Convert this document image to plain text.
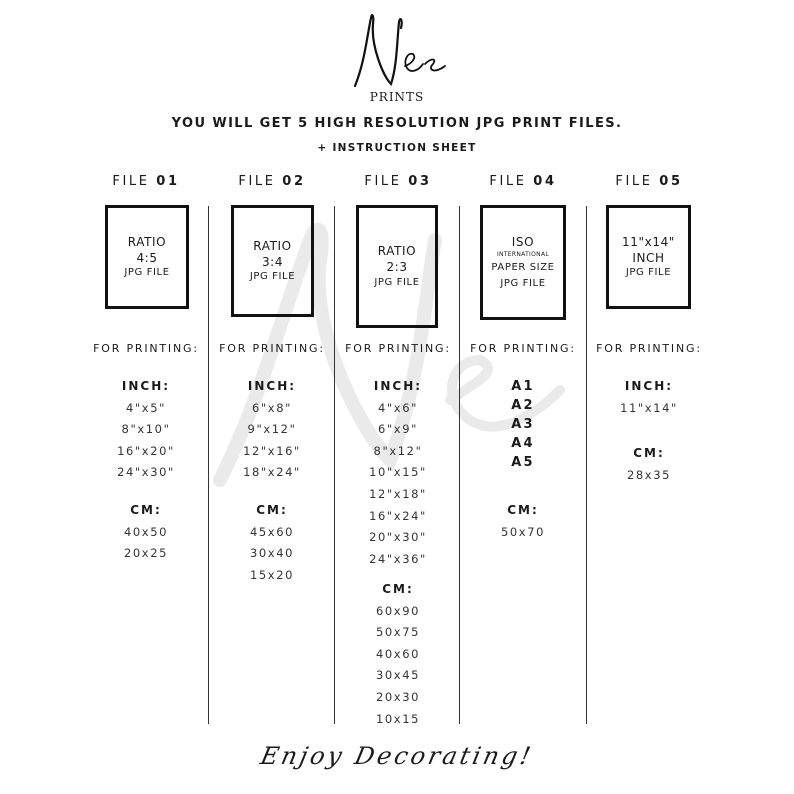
PRINTS
YOU WILL GET 5 HIGH RESOLUTION JPG PRINT FILES.
+ INSTRUCTION SHEET
FILE 01
RATIO
4:5
JPG FILE
FOR PRINTING:
INCH:
4"x5"
8"x10"
16"x20"
24"x30"
CM:
40x50
20x25
FILE 02
RATIO
3:4
JPG FILE
FOR PRINTING:
INCH:
6"x8"
9"x12"
12"x16"
18"x24"
CM:
45x60
30x40
15x20
FILE 03
RATIO
2:3
JPG FILE
FOR PRINTING:
INCH:
4"x6"
6"x9"
8"x12"
10"x15"
12"x18"
16"x24"
20"x30"
24"x36"
CM:
60x90
50x75
40x60
30x45
20x30
10x15
FILE 04
ISO
INTERNATIONAL
PAPER SIZE
JPG FILE
FOR PRINTING:
A1
A2
A3
A4
A5
CM:
50x70
FILE 05
11"x14"
INCH
JPG FILE
FOR PRINTING:
INCH:
11"x14"
CM:
28x35
Enjoy Decorating!
